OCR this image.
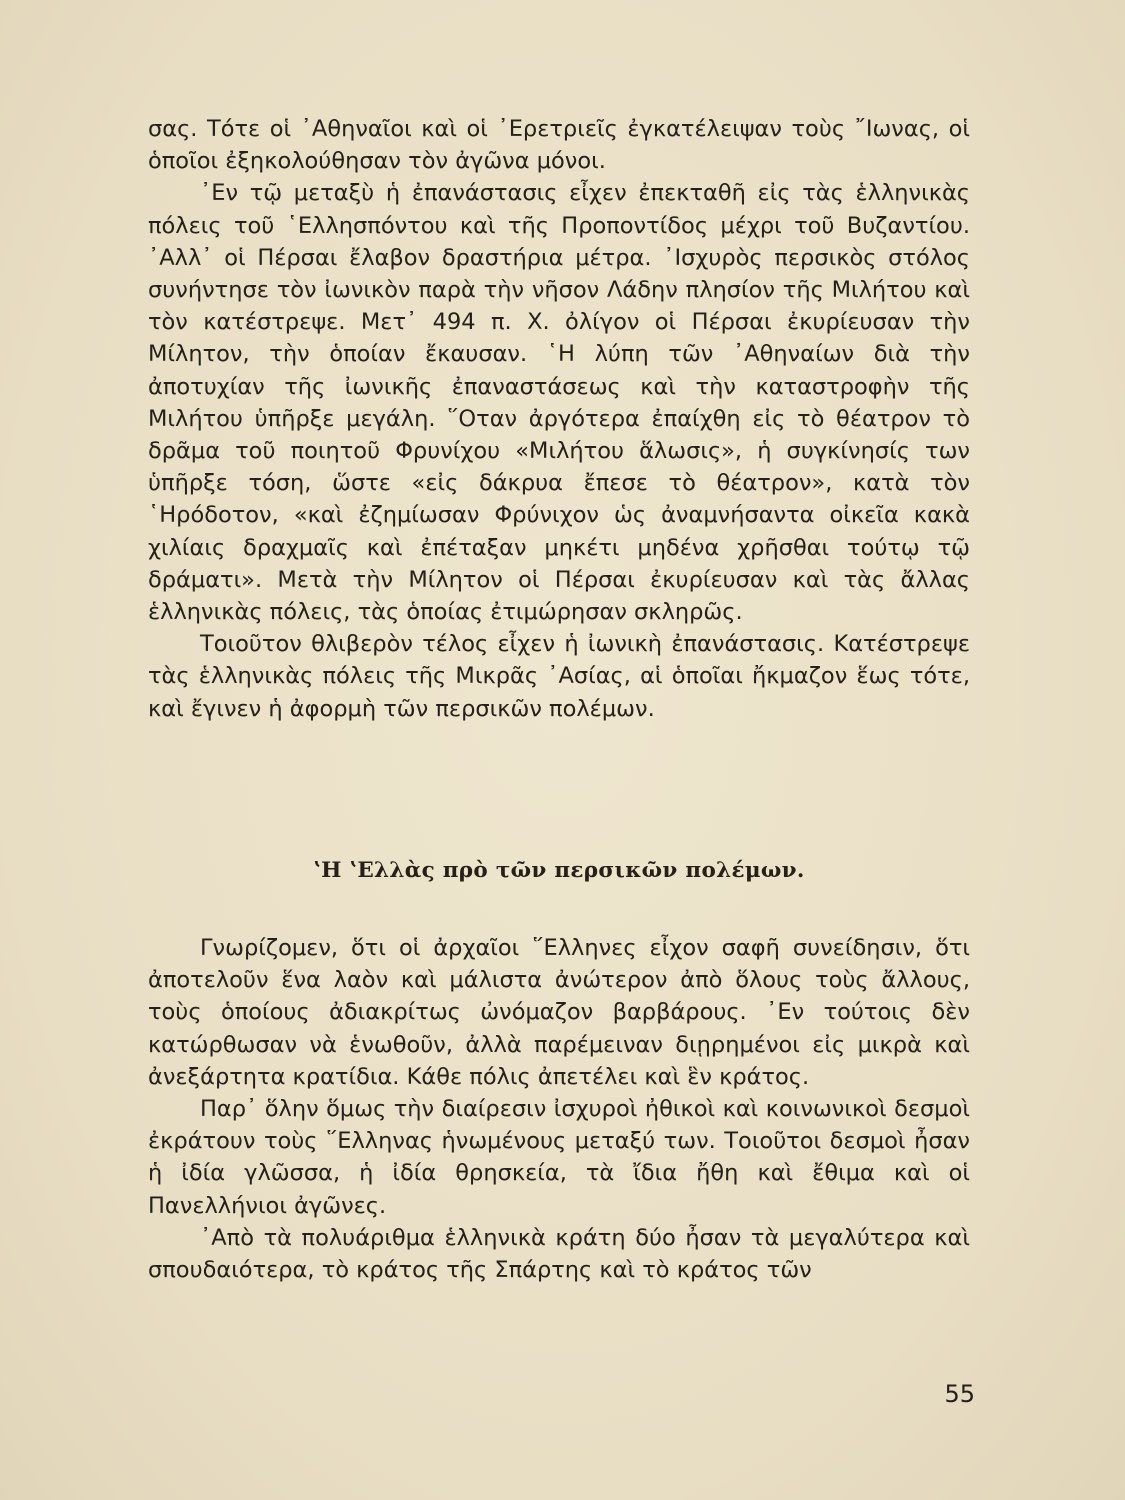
σας. Τότε οἱ ᾿Αθηναῖοι καὶ οἱ ᾿Ερετριεῖς ἐγκατέλειψαν τοὺς ῎Ιωνας, οἱ ὁποῖοι ἐξηκολούθησαν τὸν ἀγῶνα μόνοι.

᾿Εν τῷ μεταξὺ ἡ ἐπανάστασις εἶχεν ἐπεκταθῆ εἰς τὰς ἑλληνικὰς πόλεις τοῦ ῾Ελλησπόντου καὶ τῆς Προποντίδος μέχρι τοῦ Βυζαντίου. ᾿Αλλ᾿ οἱ Πέρσαι ἔλαβον δραστήρια μέτρα. ᾿Ισχυρὸς περσικὸς στόλος συνήντησε τὸν ἰωνικὸν παρὰ τὴν νῆσον Λάδην πλησίον τῆς Μιλήτου καὶ τὸν κατέστρεψε. Μετ᾿ 494 π. Χ. ὀλίγον οἱ Πέρσαι ἐκυρίευσαν τὴν Μίλητον, τὴν ὁποίαν ἔκαυσαν. ῾Η λύπη τῶν ᾿Αθηναίων διὰ τὴν ἀποτυχίαν τῆς ἰωνικῆς ἐπαναστάσεως καὶ τὴν καταστροφὴν τῆς Μιλήτου ὑπῆρξε μεγάλη. ῞Οταν ἀργότερα ἐπαίχθη εἰς τὸ θέατρον τὸ δρᾶμα τοῦ ποιητοῦ Φρυνίχου «Μιλήτου ἅλωσις», ἡ συγκίνησίς των ὑπῆρξε τόση, ὥστε «εἰς δάκρυα ἔπεσε τὸ θέατρον», κατὰ τὸν ῾Ηρόδοτον, «καὶ ἐζημίωσαν Φρύνιχον ὡς ἀναμνήσαντα οἰκεῖα κακὰ χιλίαις δραχμαῖς καὶ ἐπέταξαν μηκέτι μηδένα χρῆσθαι τούτῳ τῷ δράματι». Μετὰ τὴν Μίλητον οἱ Πέρσαι ἐκυρίευσαν καὶ τὰς ἄλλας ἑλληνικὰς πόλεις, τὰς ὁποίας ἐτιμώρησαν σκληρῶς.

Τοιοῦτον θλιβερὸν τέλος εἶχεν ἡ ἰωνικὴ ἐπανάστασις. Κατέστρεψε τὰς ἑλληνικὰς πόλεις τῆς Μικρᾶς ᾿Ασίας, αἱ ὁποῖαι ἤκμαζον ἕως τότε, καὶ ἔγινεν ἡ ἀφορμὴ τῶν περσικῶν πολέμων.

ʽΗ ʽΕλλὰς πρὸ τῶν περσικῶν πολέμων.

Γνωρίζομεν, ὅτι οἱ ἀρχαῖοι ῞Ελληνες εἶχον σαφῆ συνείδησιν, ὅτι ἀποτελοῦν ἕνα λαὸν καὶ μάλιστα ἀνώτερον ἀπὸ ὅλους τοὺς ἄλλους, τοὺς ὁποίους ἀδιακρίτως ὠνόμαζον βαρβάρους. ᾿Εν τούτοις δὲν κατώρθωσαν νὰ ἑνωθοῦν, ἀλλὰ παρέμειναν διῃρημένοι εἰς μικρὰ καὶ ἀνεξάρτητα κρατίδια. Κάθε πόλις ἀπετέλει καὶ ἓν κράτος.

Παρ᾿ ὅλην ὅμως τὴν διαίρεσιν ἰσχυροὶ ἠθικοὶ καὶ κοινωνικοὶ δεσμοὶ ἐκράτουν τοὺς ῞Ελληνας ἡνωμένους μεταξύ των. Τοιοῦτοι δεσμοὶ ἦσαν ἡ ἰδία γλῶσσα, ἡ ἰδία θρησκεία, τὰ ἴδια ἤθη καὶ ἔθιμα καὶ οἱ Πανελλήνιοι ἀγῶνες.

᾿Απὸ τὰ πολυάριθμα ἑλληνικὰ κράτη δύο ἦσαν τὰ μεγαλύτερα καὶ σπουδαιότερα, τὸ κράτος τῆς Σπάρτης καὶ τὸ κράτος τῶν

55
